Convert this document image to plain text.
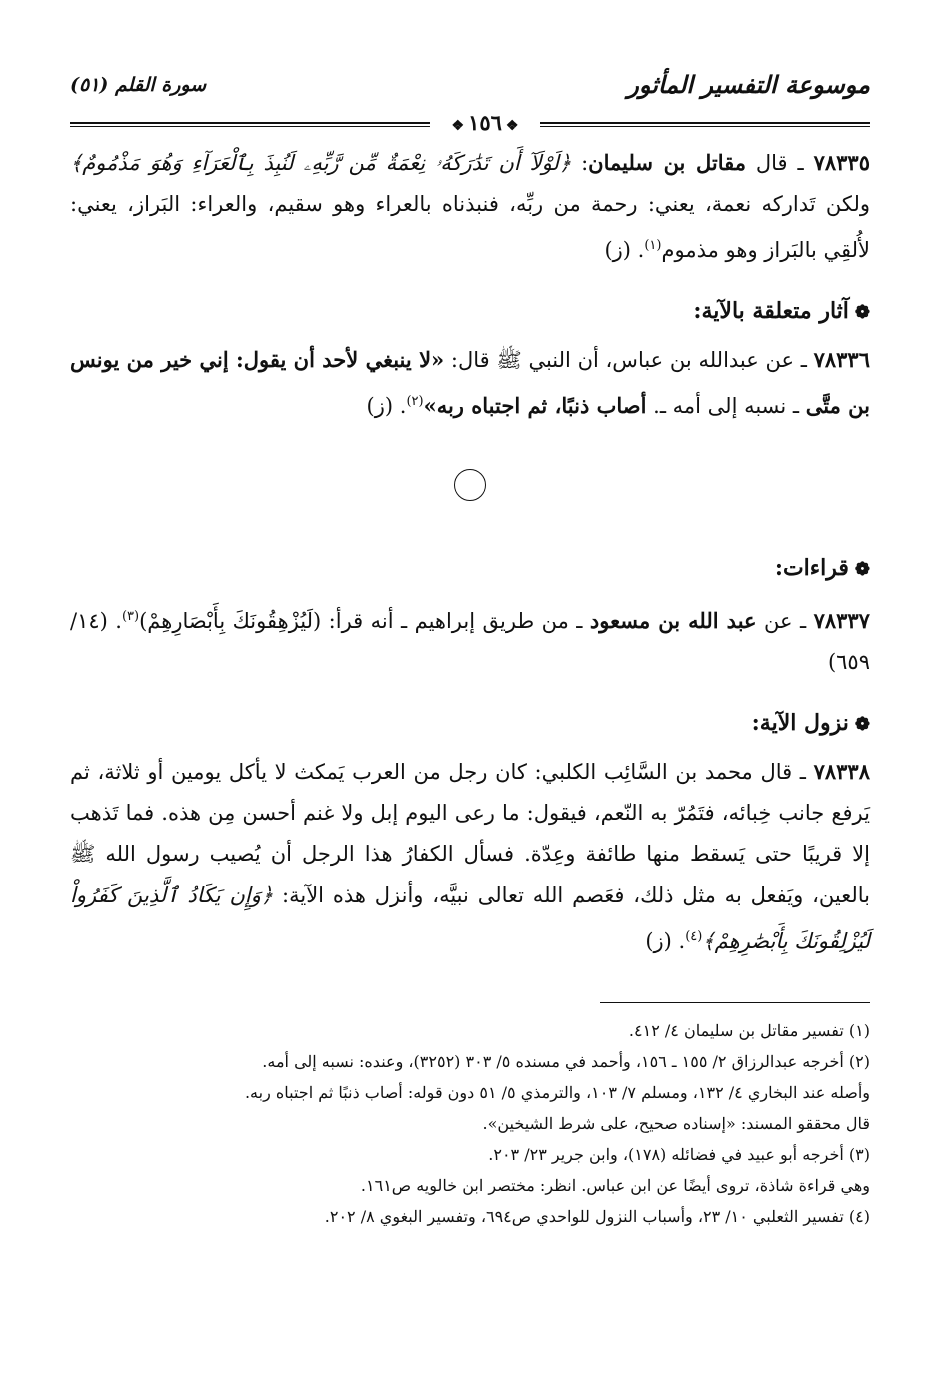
موسوعة التفسير المأثور
سورة القلم (٥١)
❖١٥٦❖

٧٨٣٣٥ ـ قال مقاتل بن سليمان: ﴿لَوْلَآ أَن تَدَٰرَكَهُۥ نِعْمَةٌ مِّن رَّبِّهِۦ لَنُبِذَ بِٱلْعَرَآءِ وَهُوَ مَذْمُومٌ﴾ ولكن تَداركه نعمة، يعني: رحمة من ربِّه، فنبذناه بالعراء وهو سقيم، والعراء: البَراز، يعني: لأُلقِي بالبَراز وهو مذموم$^{(١)}$. (ز)

❁آثار متعلقة بالآية:

٧٨٣٣٦ ـ عن عبدالله بن عباس، أن النبي ﷺ قال: «لا ينبغي لأحد أن يقول: إني خير من يونس بن متَّى ـ نسبه إلى أمه ـ. أصاب ذنبًا، ثم اجتباه ربه»$^{(٢)}$. (ز)

❁قراءات:

٧٨٣٣٧ ـ عن عبد الله بن مسعود ـ من طريق إبراهيم ـ أنه قرأ: (لَيُزْهِقُونَكَ بِأَبْصَارِهِمْ)$^{(٣)}$. (١٤/ ٦٥٩)

❁نزول الآية:

٧٨٣٣٨ ـ قال محمد بن السَّائِب الكلبي: كان رجل من العرب يَمكث لا يأكل يومين أو ثلاثة، ثم يَرفع جانب خِبائه، فتَمُرّ به النّعم، فيقول: ما رعى اليوم إبل ولا غنم أحسن مِن هذه. فما تَذهب إلا قريبًا حتى يَسقط منها طائفة وعِدّة. فسأل الكفارُ هذا الرجل أن يُصيب رسول الله ﷺ بالعين، ويَفعل به مثل ذلك، فعَصم الله تعالى نبيَّه، وأنزل هذه الآية: ﴿وَإِن يَكَادُ ٱلَّذِينَ كَفَرُواْ لَيُزْلِقُونَكَ بِأَبْصَٰرِهِمْ﴾$^{(٤)}$. (ز)

(١) تفسير مقاتل بن سليمان ٤/ ٤١٢.

(٢) أخرجه عبدالرزاق ٢/ ١٥٥ ـ ١٥٦، وأحمد في مسنده ٥/ ٣٠٣ (٣٢٥٢)، وعنده: نسبه إلى أمه.

وأصله عند البخاري ٤/ ١٣٢، ومسلم ٧/ ١٠٣، والترمذي ٥/ ٥١ دون قوله: أصاب ذنبًا ثم اجتباه ربه.

قال محققو المسند: «إسناده صحيح، على شرط الشيخين».

(٣) أخرجه أبو عبيد في فضائله (١٧٨)، وابن جرير ٢٣/ ٢٠٣.

وهي قراءة شاذة، تروى أيضًا عن ابن عباس. انظر: مختصر ابن خالويه ص١٦١.

(٤) تفسير الثعلبي ١٠/ ٢٣، وأسباب النزول للواحدي ص٦٩٤، وتفسير البغوي ٨/ ٢٠٢.
